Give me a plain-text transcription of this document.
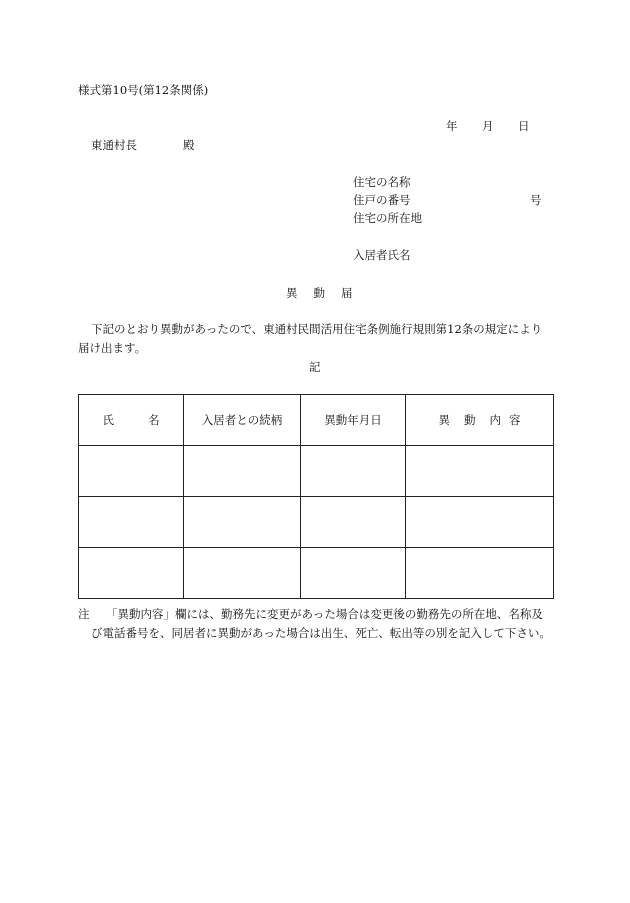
様式第10号(第12条関係)
年 月 日
東通村長	殿
住宅の名称
住戸の番号	号
住宅の所在地
入居者氏名
異 動 届
下記のとおり異動があったので、東通村民間活用住宅条例施行規則第12条の規定により
届け出ます。
記
氏 名	入居者との続柄	異動年月日	異 動 内 容

注 「異動内容」欄には、勤務先に変更があった場合は変更後の勤務先の所在地、名称及
び電話番号を、同居者に異動があった場合は出生、死亡、転出等の別を記入して下さい。
